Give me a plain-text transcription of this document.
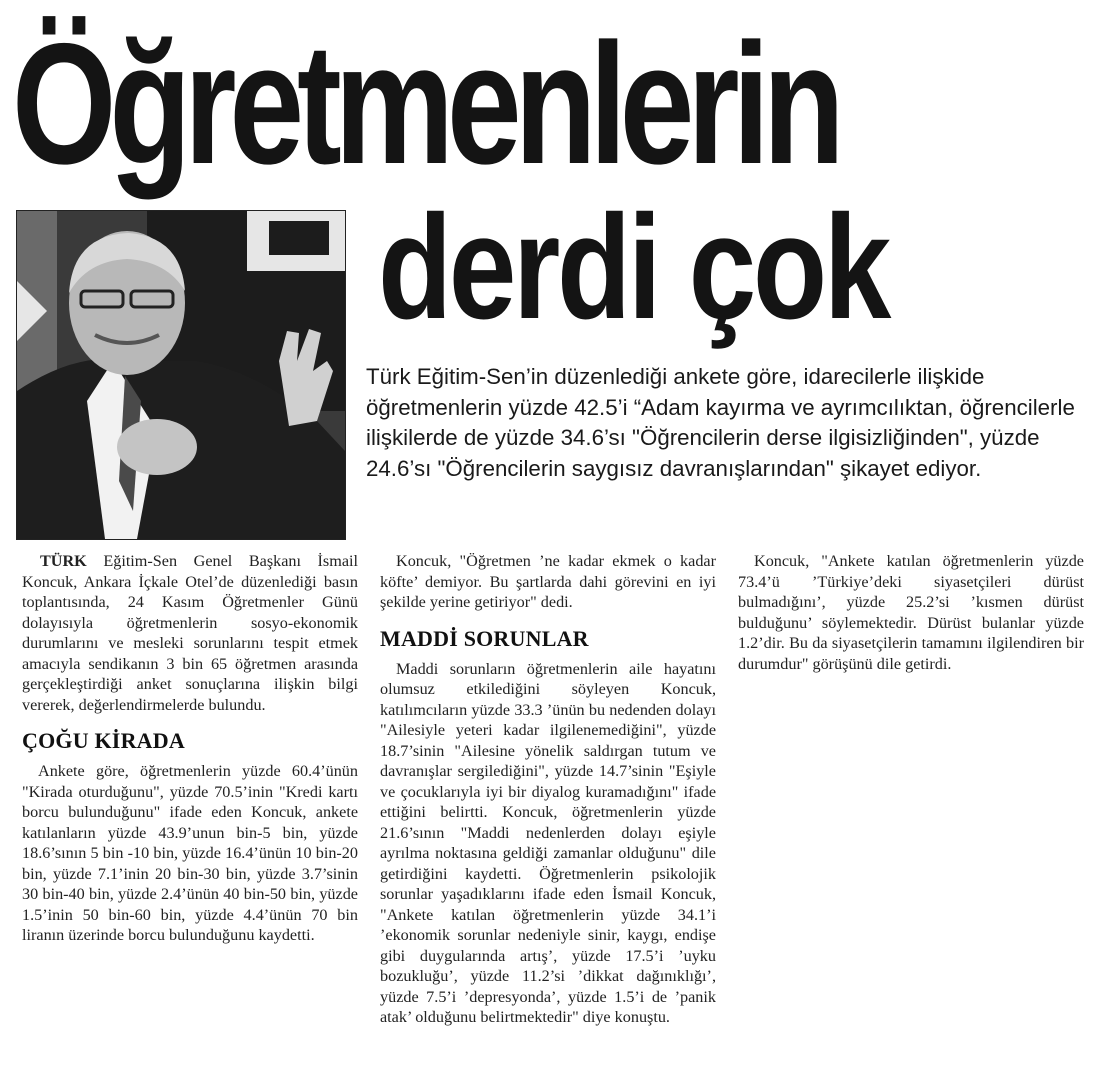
Öğretmenlerin
derdi çok

Türk Eğitim-Sen’in düzenlediği ankete göre, idarecilerle ilişkide öğretmenlerin yüzde 42.5’i “Adam kayırma ve ayrımcılıktan, öğrencilerle ilişkilerde de yüzde 34.6’sı "Öğrencilerin derse ilgisizliğinden", yüzde 24.6’sı "Öğrencilerin saygısız davranışlarından" şikayet ediyor.

TÜRK Eğitim-Sen Genel Başkanı İsmail Koncuk, Ankara İçkale Otel’de düzenlediği basın toplantısında, 24 Kasım Öğretmenler Günü dolayısıyla öğretmenlerin sosyo-ekonomik durumlarını ve mesleki sorunlarını tespit etmek amacıyla sendikanın 3 bin 65 öğretmen arasında gerçekleştirdiği anket sonuçlarına ilişkin bilgi vererek, değerlendirmelerde bulundu.

ÇOĞU KİRADA

Ankete göre, öğretmenlerin yüzde 60.4’ünün "Kirada oturduğunu", yüzde 70.5’inin "Kredi kartı borcu bulunduğunu" ifade eden Koncuk, ankete katılanların yüzde 43.9’unun bin-5 bin, yüzde 18.6’sının 5 bin -10 bin, yüzde 16.4’ünün 10 bin-20 bin, yüzde 7.1’inin 20 bin-30 bin, yüzde 3.7’sinin 30 bin-40 bin, yüzde 2.4’ünün 40 bin-50 bin, yüzde 1.5’inin 50 bin-60 bin, yüzde 4.4’ünün 70 bin liranın üzerinde borcu bulunduğunu kaydetti.

Koncuk, "Öğretmen ’ne kadar ekmek o kadar köfte’ demiyor. Bu şartlarda dahi görevini en iyi şekilde yerine getiriyor" dedi.

MADDİ SORUNLAR

Maddi sorunların öğretmenlerin aile hayatını olumsuz etkilediğini söyleyen Koncuk, katılımcıların yüzde 33.3 ’ünün bu nedenden dolayı "Ailesiyle yeteri kadar ilgilenemediğini", yüzde 18.7’sinin "Ailesine yönelik saldırgan tutum ve davranışlar sergilediğini", yüzde 14.7’sinin "Eşiyle ve çocuklarıyla iyi bir diyalog kuramadığını" ifade ettiğini belirtti. Koncuk, öğretmenlerin yüzde 21.6’sının "Maddi nedenlerden dolayı eşiyle ayrılma noktasına geldiği zamanlar olduğunu" dile getirdiğini kaydetti. Öğretmenlerin psikolojik sorunlar yaşadıklarını ifade eden İsmail Koncuk, "Ankete katılan öğretmenlerin yüzde 34.1’i ’ekonomik sorunlar nedeniyle sinir, kaygı, endişe gibi duygularında artış’, yüzde 17.5’i ’uyku bozukluğu’, yüzde 11.2’si ’dikkat dağınıklığı’, yüzde 7.5’i ’depresyonda’, yüzde 1.5’i de ’panik atak’ olduğunu belirtmektedir" diye konuştu.

Koncuk, "Ankete katılan öğretmenlerin yüzde 73.4’ü ’Türkiye’deki siyasetçileri dürüst bulmadığını’, yüzde 25.2’si ’kısmen dürüst bulduğunu’ söylemektedir. Dürüst bulanlar yüzde 1.2’dir. Bu da siyasetçilerin tamamını ilgilendiren bir durumdur" görüşünü dile getirdi.
